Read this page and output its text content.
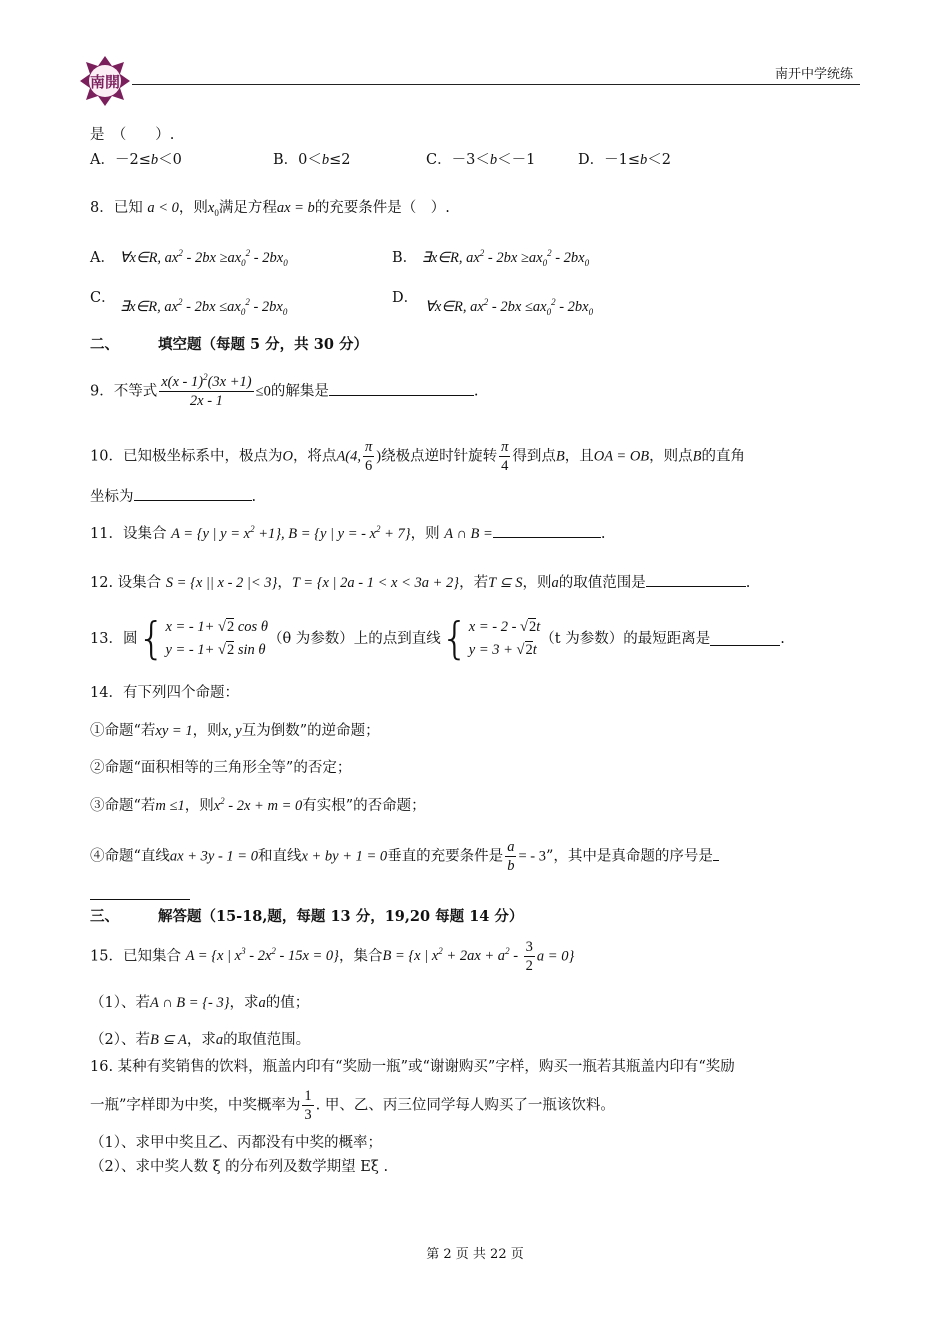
南開	南开中学统练
是　（　　）.
A．－2≤b＜0	B．0＜b≤2	C．－3＜b＜－1	D．－1≤b＜2
8．已知 a < 0，则$x_0$满足方程ax = b的充要条件是（　）.
A． ∀x∈R, $ax^2 - 2bx \ge ax_0^2 - 2bx_0$	B． ∃x∈R, $ax^2 - 2bx \ge ax_0^2 - 2bx_0$
C．
∃x∈R, $ax^2 - 2bx \le ax_0^2 - 2bx_0$
D．
∀x∈R, $ax^2 - 2bx \le ax_0^2 - 2bx_0$
二、	填空题（每题 5 分，共 30 分）
9．不等式 $\frac{x(x - 1)^2(3x +1)}{2x - 1} \le 0$的解集是	.
10．已知极坐标系中，极点为O，将点A(4, $\frac{\pi}{6}$ )绕极点逆时针旋转 $\frac{\pi}{4}$ 得到点B，且OA = OB，则点B的直角
坐标为	.
11．设集合 A = {y | $y = x^2 +1$}, B = {y | y = - $x^2 + 7$}，则 A ∩ B =	.
12. 设集合 S = {x || x - 2 |< 3}，T = {x | 2a - 1 < x < 3a + 2}，若T ⊆ S，则a的取值范围是	.
13．圆{x = - 1+ √2 cos θ
y = - 1+ √2 sin θ（θ 为参数）上的点到直线{x = - 2 - √2t
y = 3 + √2t（t 为参数）的最短距离是	.
14．有下列四个命题：
①命题“若xy = 1，则x, y互为倒数”的逆命题；
②命题“面积相等的三角形全等”的否定；
③命题“若m ≤1，则$x^2 - 2x + m = 0$有实根”的否命题；
④命题“直线ax + 3y - 1 = 0和直线x + by + 1 = 0垂直的充要条件是 $\frac{a}{b}$ = - 3”，其中是真命题的序号是
三、	解答题（15-18,题，每题 13 分，19,20 每题 14 分）
15．已知集合 A = {x | $x^3 - 2x^2 - 15x = 0$}，集合B = {x | $x^2 + 2ax + a^2 - \frac{3}{2}$ a = 0}
（1）、若A ∩ B = {- 3}，求a的值；
（2）、若B ⊆ A，求a的取值范围。
16. 某种有奖销售的饮料，瓶盖内印有“奖励一瓶”或“谢谢购买”字样，购买一瓶若其瓶盖内印有“奖励
一瓶”字样即为中奖，中奖概率为 $\frac{1}{3}$ . 甲、乙、丙三位同学每人购买了一瓶该饮料。
（1）、求甲中奖且乙、丙都没有中奖的概率；
（2）、求中奖人数 ξ 的分布列及数学期望 Eξ .
第 2 页 共 22 页
